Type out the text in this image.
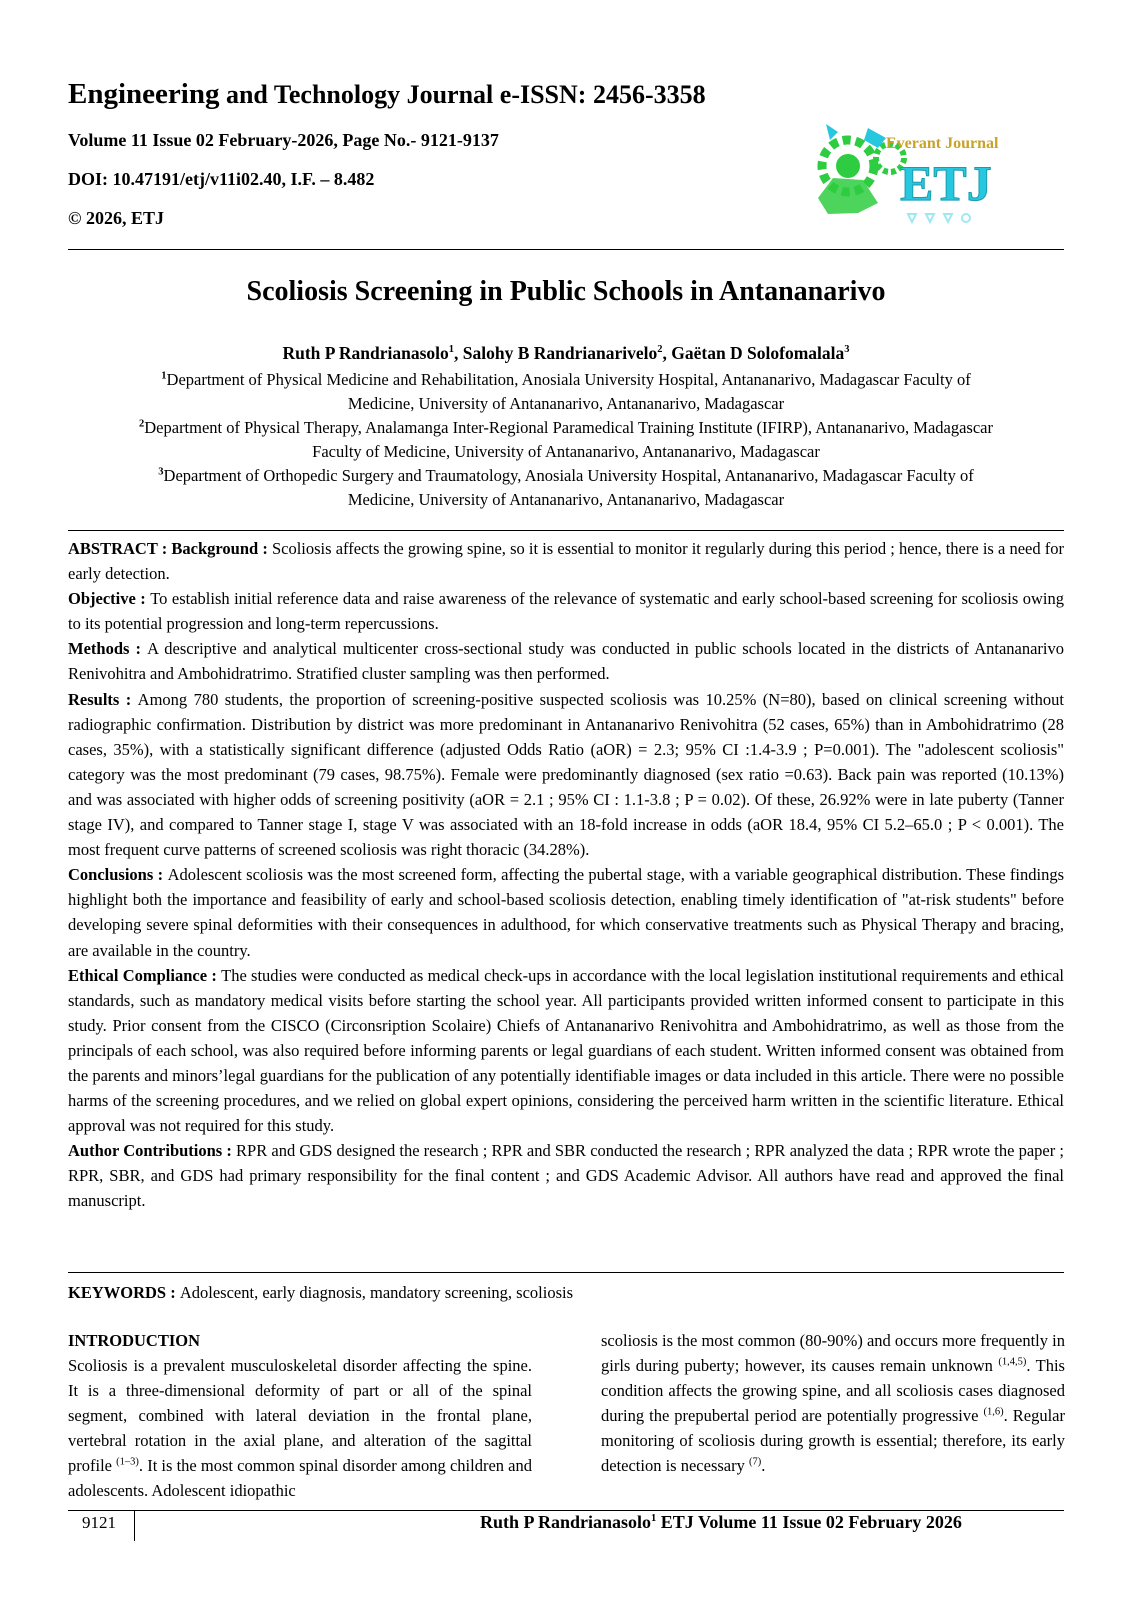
Engineering and Technology Journal e-ISSN: 2456-3358
Volume 11 Issue 02 February-2026, Page No.- 9121-9137
DOI: 10.47191/etj/v11i02.40, I.F. – 8.482
© 2026, ETJ
Everant Journal
ETJ
Scoliosis Screening in Public Schools in Antananarivo
Ruth P Randrianasolo$^1$, Salohy B Randrianarivelo$^2$, Gaëtan D Solofomalala$^3$
$^1$Department of Physical Medicine and Rehabilitation, Anosiala University Hospital, Antananarivo, Madagascar Faculty of
Medicine, University of Antananarivo, Antananarivo, Madagascar
$^2$Department of Physical Therapy, Analamanga Inter-Regional Paramedical Training Institute (IFIRP), Antananarivo, Madagascar
Faculty of Medicine, University of Antananarivo, Antananarivo, Madagascar
$^3$Department of Orthopedic Surgery and Traumatology, Anosiala University Hospital, Antananarivo, Madagascar Faculty of
Medicine, University of Antananarivo, Antananarivo, Madagascar

ABSTRACT : Background : Scoliosis affects the growing spine, so it is essential to monitor it regularly during this period ; hence, there is a need for early detection.

Objective : To establish initial reference data and raise awareness of the relevance of systematic and early school-based screening for scoliosis owing to its potential progression and long-term repercussions.

Methods : A descriptive and analytical multicenter cross-sectional study was conducted in public schools located in the districts of Antananarivo Renivohitra and Ambohidratrimo. Stratified cluster sampling was then performed.

Results : Among 780 students, the proportion of screening-positive suspected scoliosis was 10.25% (N=80), based on clinical screening without radiographic confirmation. Distribution by district was more predominant in Antananarivo Renivohitra (52 cases, 65%) than in Ambohidratrimo (28 cases, 35%), with a statistically significant difference (adjusted Odds Ratio (aOR) = 2.3; 95% CI :1.4-3.9 ; P=0.001). The "adolescent scoliosis" category was the most predominant (79 cases, 98.75%). Female were predominantly diagnosed (sex ratio =0.63). Back pain was reported (10.13%) and was associated with higher odds of screening positivity (aOR = 2.1 ; 95% CI : 1.1-3.8 ; P = 0.02). Of these, 26.92% were in late puberty (Tanner stage IV), and compared to Tanner stage I, stage V was associated with an 18-fold increase in odds (aOR 18.4, 95% CI 5.2–65.0 ; P < 0.001). The most frequent curve patterns of screened scoliosis was right thoracic (34.28%).

Conclusions : Adolescent scoliosis was the most screened form, affecting the pubertal stage, with a variable geographical distribution. These findings highlight both the importance and feasibility of early and school-based scoliosis detection, enabling timely identification of "at-risk students" before developing severe spinal deformities with their consequences in adulthood, for which conservative treatments such as Physical Therapy and bracing, are available in the country.

Ethical Compliance : The studies were conducted as medical check-ups in accordance with the local legislation institutional requirements and ethical standards, such as mandatory medical visits before starting the school year. All participants provided written informed consent to participate in this study. Prior consent from the CISCO (Circonsription Scolaire) Chiefs of Antananarivo Renivohitra and Ambohidratrimo, as well as those from the principals of each school, was also required before informing parents or legal guardians of each student. Written informed consent was obtained from the parents and minors’legal guardians for the publication of any potentially identifiable images or data included in this article. There were no possible harms of the screening procedures, and we relied on global expert opinions, considering the perceived harm written in the scientific literature. Ethical approval was not required for this study.

Author Contributions : RPR and GDS designed the research ; RPR and SBR conducted the research ; RPR analyzed the data ; RPR wrote the paper ; RPR, SBR, and GDS had primary responsibility for the final content ; and GDS Academic Advisor. All authors have read and approved the final manuscript.

KEYWORDS : Adolescent, early diagnosis, mandatory screening, scoliosis

INTRODUCTION

Scoliosis is a prevalent musculoskeletal disorder affecting the spine. It is a three-dimensional deformity of part or all of the spinal segment, combined with lateral deviation in the frontal plane, vertebral rotation in the axial plane, and alteration of the sagittal profile $^{(1-3)}$. It is the most common spinal disorder among children and adolescents. Adolescent idiopathic

scoliosis is the most common (80-90%) and occurs more frequently in girls during puberty; however, its causes remain unknown $^{(1,4,5)}$. This condition affects the growing spine, and all scoliosis cases diagnosed during the prepubertal period are potentially progressive $^{(1,6)}$. Regular monitoring of scoliosis during growth is essential; therefore, its early detection is necessary $^{(7)}$.

9121	Ruth P Randrianasolo$^1$ ETJ Volume 11 Issue 02 February 2026
